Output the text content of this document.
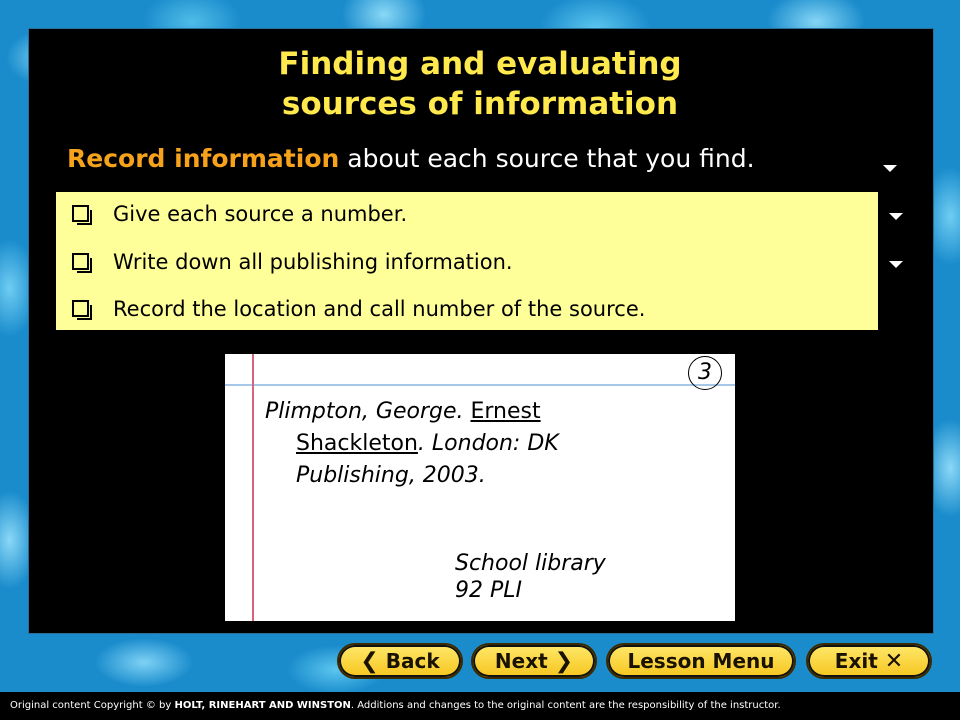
Finding and evaluating
sources of information
Record information about each source that you find.
Give each source a number.
Write down all publishing information.
Record the location and call number of the source.
3
Plimpton, George. Ernest
Shackleton. London: DK
Publishing, 2003.
School library
92 PLI
❮ Back	Next ❯	Lesson Menu	Exit ✕
Original content Copyright © by HOLT, RINEHART AND WINSTON. Additions and changes to the original content are the responsibility of the instructor.
